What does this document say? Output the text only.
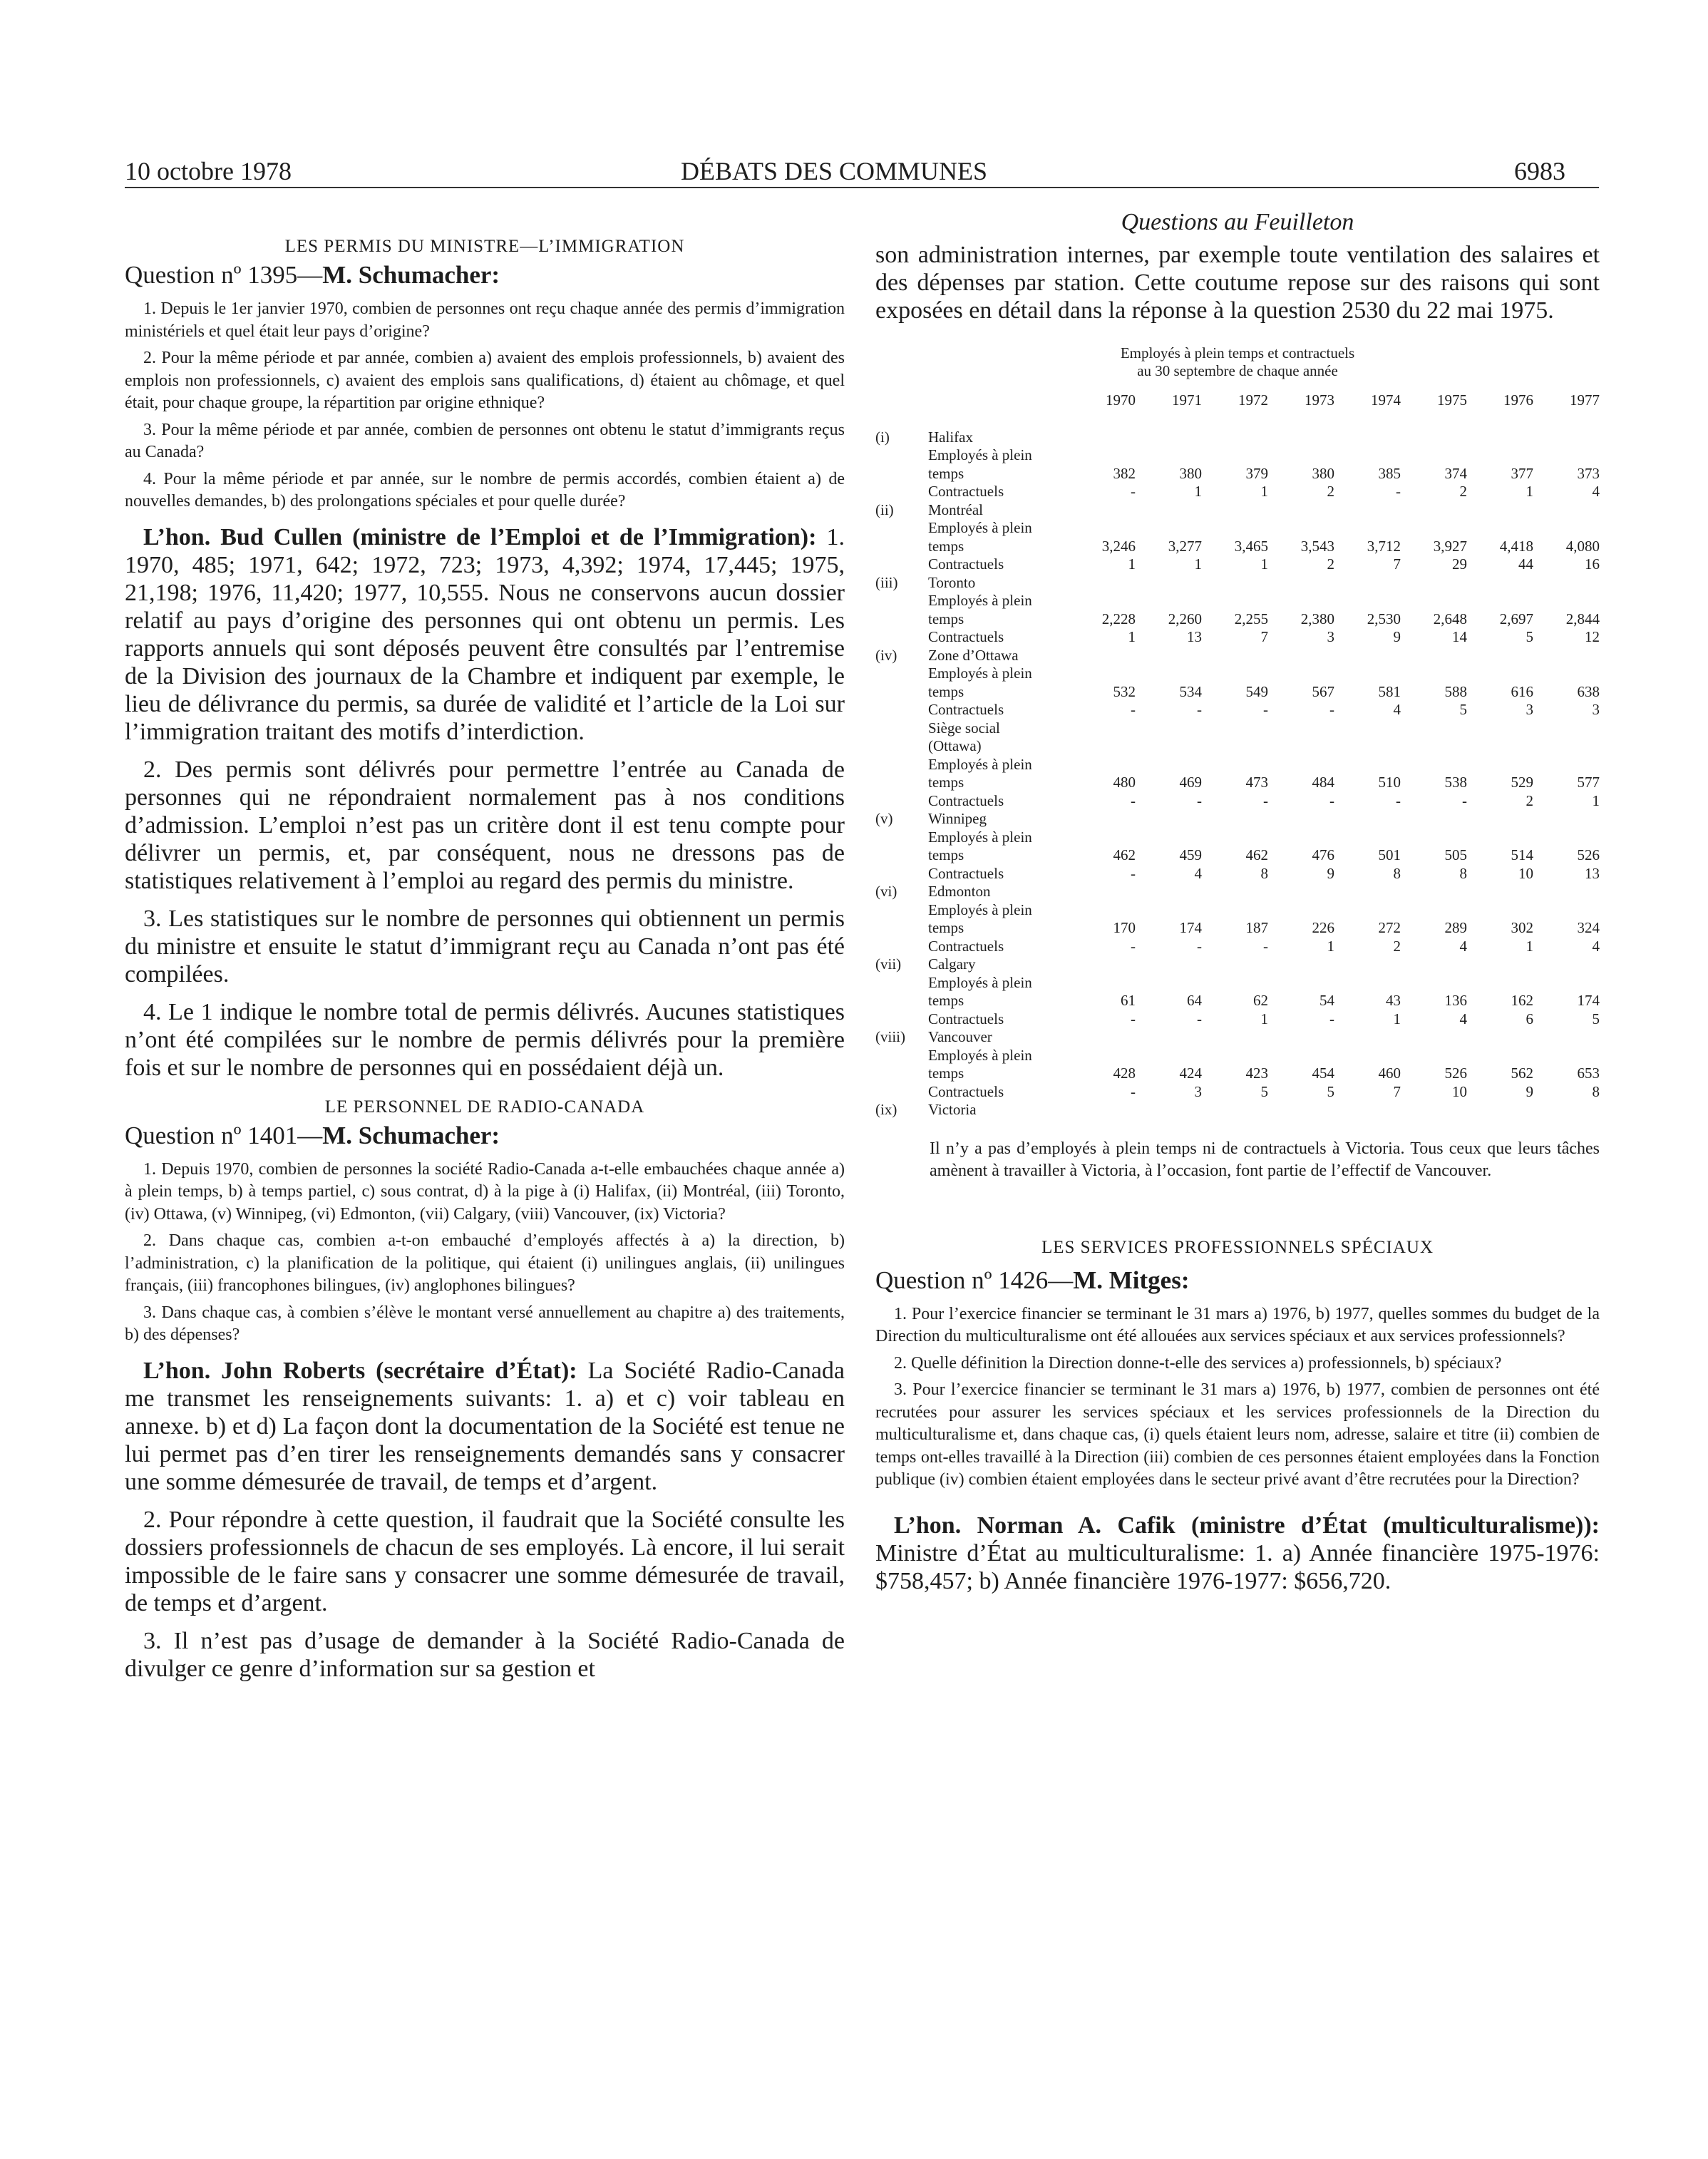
10 octobre 1978	DÉBATS DES COMMUNES	6983

LES PERMIS DU MINISTRE—L’IMMIGRATION

Question nº 1395—M. Schumacher:

1. Depuis le 1er janvier 1970, combien de personnes ont reçu chaque année des permis d’immigration ministériels et quel était leur pays d’origine?

2. Pour la même période et par année, combien a) avaient des emplois professionnels, b) avaient des emplois non professionnels, c) avaient des emplois sans qualifications, d) étaient au chômage, et quel était, pour chaque groupe, la répartition par origine ethnique?

3. Pour la même période et par année, combien de personnes ont obtenu le statut d’immigrants reçus au Canada?

4. Pour la même période et par année, sur le nombre de permis accordés, combien étaient a) de nouvelles demandes, b) des prolongations spéciales et pour quelle durée?

L’hon. Bud Cullen (ministre de l’Emploi et de l’Immigration): 1. 1970, 485; 1971, 642; 1972, 723; 1973, 4,392; 1974, 17,445; 1975, 21,198; 1976, 11,420; 1977, 10,555. Nous ne conservons aucun dossier relatif au pays d’origine des personnes qui ont obtenu un permis. Les rapports annuels qui sont déposés peuvent être consultés par l’entremise de la Division des journaux de la Chambre et indiquent par exemple, le lieu de délivrance du permis, sa durée de validité et l’article de la Loi sur l’immigration traitant des motifs d’interdiction.

2. Des permis sont délivrés pour permettre l’entrée au Canada de personnes qui ne répondraient normalement pas à nos conditions d’admission. L’emploi n’est pas un critère dont il est tenu compte pour délivrer un permis, et, par conséquent, nous ne dressons pas de statistiques relativement à l’emploi au regard des permis du ministre.

3. Les statistiques sur le nombre de personnes qui obtiennent un permis du ministre et ensuite le statut d’immigrant reçu au Canada n’ont pas été compilées.

4. Le 1 indique le nombre total de permis délivrés. Aucunes statistiques n’ont été compilées sur le nombre de permis délivrés pour la première fois et sur le nombre de personnes qui en possédaient déjà un.

LE PERSONNEL DE RADIO-CANADA

Question nº 1401—M. Schumacher:

1. Depuis 1970, combien de personnes la société Radio-Canada a-t-elle embauchées chaque année a) à plein temps, b) à temps partiel, c) sous contrat, d) à la pige à (i) Halifax, (ii) Montréal, (iii) Toronto, (iv) Ottawa, (v) Winnipeg, (vi) Edmonton, (vii) Calgary, (viii) Vancouver, (ix) Victoria?

2. Dans chaque cas, combien a-t-on embauché d’employés affectés à a) la direction, b) l’administration, c) la planification de la politique, qui étaient (i) unilingues anglais, (ii) unilingues français, (iii) francophones bilingues, (iv) anglophones bilingues?

3. Dans chaque cas, à combien s’élève le montant versé annuellement au chapitre a) des traitements, b) des dépenses?

L’hon. John Roberts (secrétaire d’État): La Société Radio-Canada me transmet les renseignements suivants: 1. a) et c) voir tableau en annexe. b) et d) La façon dont la documentation de la Société est tenue ne lui permet pas d’en tirer les renseignements demandés sans y consacrer une somme démesurée de travail, de temps et d’argent.

2. Pour répondre à cette question, il faudrait que la Société consulte les dossiers professionnels de chacun de ses employés. Là encore, il lui serait impossible de le faire sans y consacrer une somme démesurée de travail, de temps et d’argent.

3. Il n’est pas d’usage de demander à la Société Radio-Canada de divulger ce genre d’information sur sa gestion et

Questions au Feuilleton

son administration internes, par exemple toute ventilation des salaires et des dépenses par station. Cette coutume repose sur des raisons qui sont exposées en détail dans la réponse à la question 2530 du 22 mai 1975.

Employés à plein temps et contractuels
au 30 septembre de chaque année
		1970	1971	1972	1973	1974	1975	1976	1977
(i)	Halifax								
	Employés à plein								
	temps	382	380	379	380	385	374	377	373
	Contractuels	-	1	1	2	-	2	1	4

(ii)	Montréal								
	Employés à plein								
	temps	3,246	3,277	3,465	3,543	3,712	3,927	4,418	4,080
	Contractuels	1	1	1	2	7	29	44	16

(iii)	Toronto								
	Employés à plein								
	temps	2,228	2,260	2,255	2,380	2,530	2,648	2,697	2,844
	Contractuels	1	13	7	3	9	14	5	12

(iv)	Zone d’Ottawa								
	Employés à plein								
	temps	532	534	549	567	581	588	616	638
	Contractuels	-	-	-	-	4	5	3	3

	Siège social								
	(Ottawa)								
	Employés à plein								
	temps	480	469	473	484	510	538	529	577
	Contractuels	-	-	-	-	-	-	2	1

(v)	Winnipeg								
	Employés à plein								
	temps	462	459	462	476	501	505	514	526
	Contractuels	-	4	8	9	8	8	10	13

(vi)	Edmonton								
	Employés à plein								
	temps	170	174	187	226	272	289	302	324
	Contractuels	-	-	-	1	2	4	1	4

(vii)	Calgary								
	Employés à plein								
	temps	61	64	62	54	43	136	162	174
	Contractuels	-	-	1	-	1	4	6	5

(viii)	Vancouver								
	Employés à plein								
	temps	428	424	423	454	460	526	562	653
	Contractuels	-	3	5	5	7	10	9	8

(ix)	Victoria								

Il n’y a pas d’employés à plein temps ni de contractuels à Victoria. Tous ceux que leurs tâches amènent à travailler à Victoria, à l’occasion, font partie de l’effectif de Vancouver.

LES SERVICES PROFESSIONNELS SPÉCIAUX

Question nº 1426—M. Mitges:

1. Pour l’exercice financier se terminant le 31 mars a) 1976, b) 1977, quelles sommes du budget de la Direction du multiculturalisme ont été allouées aux services spéciaux et aux services professionnels?

2. Quelle définition la Direction donne-t-elle des services a) professionnels, b) spéciaux?

3. Pour l’exercice financier se terminant le 31 mars a) 1976, b) 1977, combien de personnes ont été recrutées pour assurer les services spéciaux et les services professionnels de la Direction du multiculturalisme et, dans chaque cas, (i) quels étaient leurs nom, adresse, salaire et titre (ii) combien de temps ont-elles travaillé à la Direction (iii) combien de ces personnes étaient employées dans la Fonction publique (iv) combien étaient employées dans le secteur privé avant d’être recrutées pour la Direction?

L’hon. Norman A. Cafik (ministre d’État (multiculturalisme)): Ministre d’État au multiculturalisme: 1. a) Année financière 1975-1976: $758,457; b) Année financière 1976-1977: $656,720.
